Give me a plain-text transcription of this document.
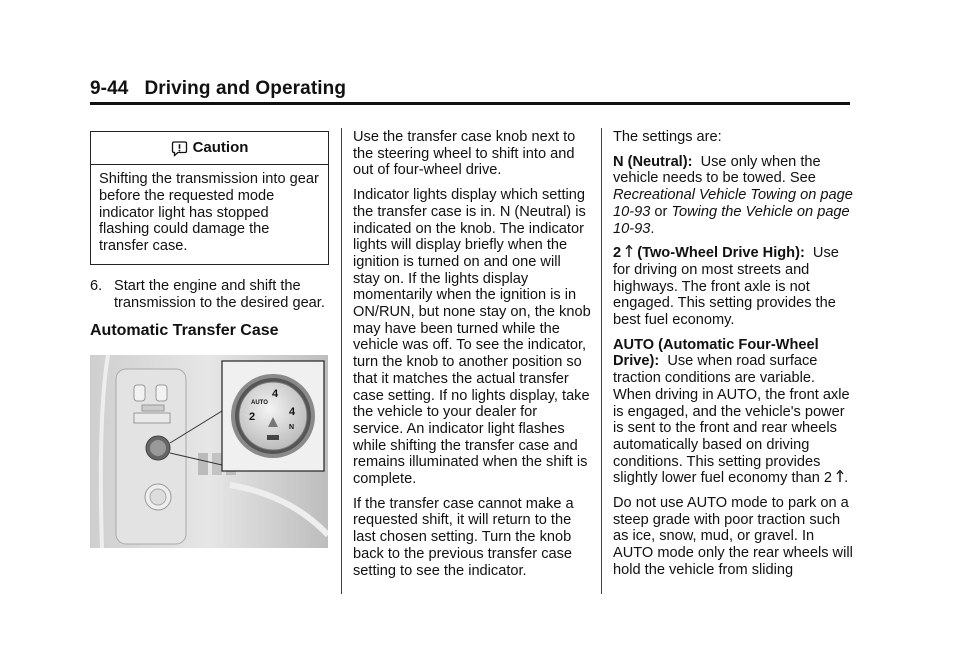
9-44 Driving and Operating
Caution
Shifting the transmission into gear before the requested mode indicator light has stopped flashing could damage the transfer case.
6. Start the engine and shift the transmission to the desired gear.
Automatic Transfer Case
4
AUTO
2	4
N

Use the transfer case knob next to the steering wheel to shift into and out of four-wheel drive.

Indicator lights display which setting the transfer case is in. N (Neutral) is indicated on the knob. The indicator lights will display briefly when the ignition is turned on and one will stay on. If the lights display momentarily when the ignition is in ON/RUN, but none stay on, the knob may have been turned while the vehicle was off. To see the indicator, turn the knob to another position so that it matches the actual transfer case setting. If no lights display, take the vehicle to your dealer for service. An indicator light flashes while shifting the transfer case and remains illuminated when the shift is complete.

If the transfer case cannot make a requested shift, it will return to the last chosen setting. Turn the knob back to the previous transfer case setting to see the indicator.

The settings are:

N (Neutral): Use only when the vehicle needs to be towed. See Recreational Vehicle Towing on page 10-93 or Towing the Vehicle on page 10-93.

2 (Two-Wheel Drive High): Use for driving on most streets and highways. The front axle is not engaged. This setting provides the best fuel economy.

AUTO (Automatic Four-Wheel Drive): Use when road surface traction conditions are variable. When driving in AUTO, the front axle is engaged, and the vehicle's power is sent to the front and rear wheels automatically based on driving conditions. This setting provides slightly lower fuel economy than 2 .

Do not use AUTO mode to park on a steep grade with poor traction such as ice, snow, mud, or gravel. In AUTO mode only the rear wheels will hold the vehicle from sliding
